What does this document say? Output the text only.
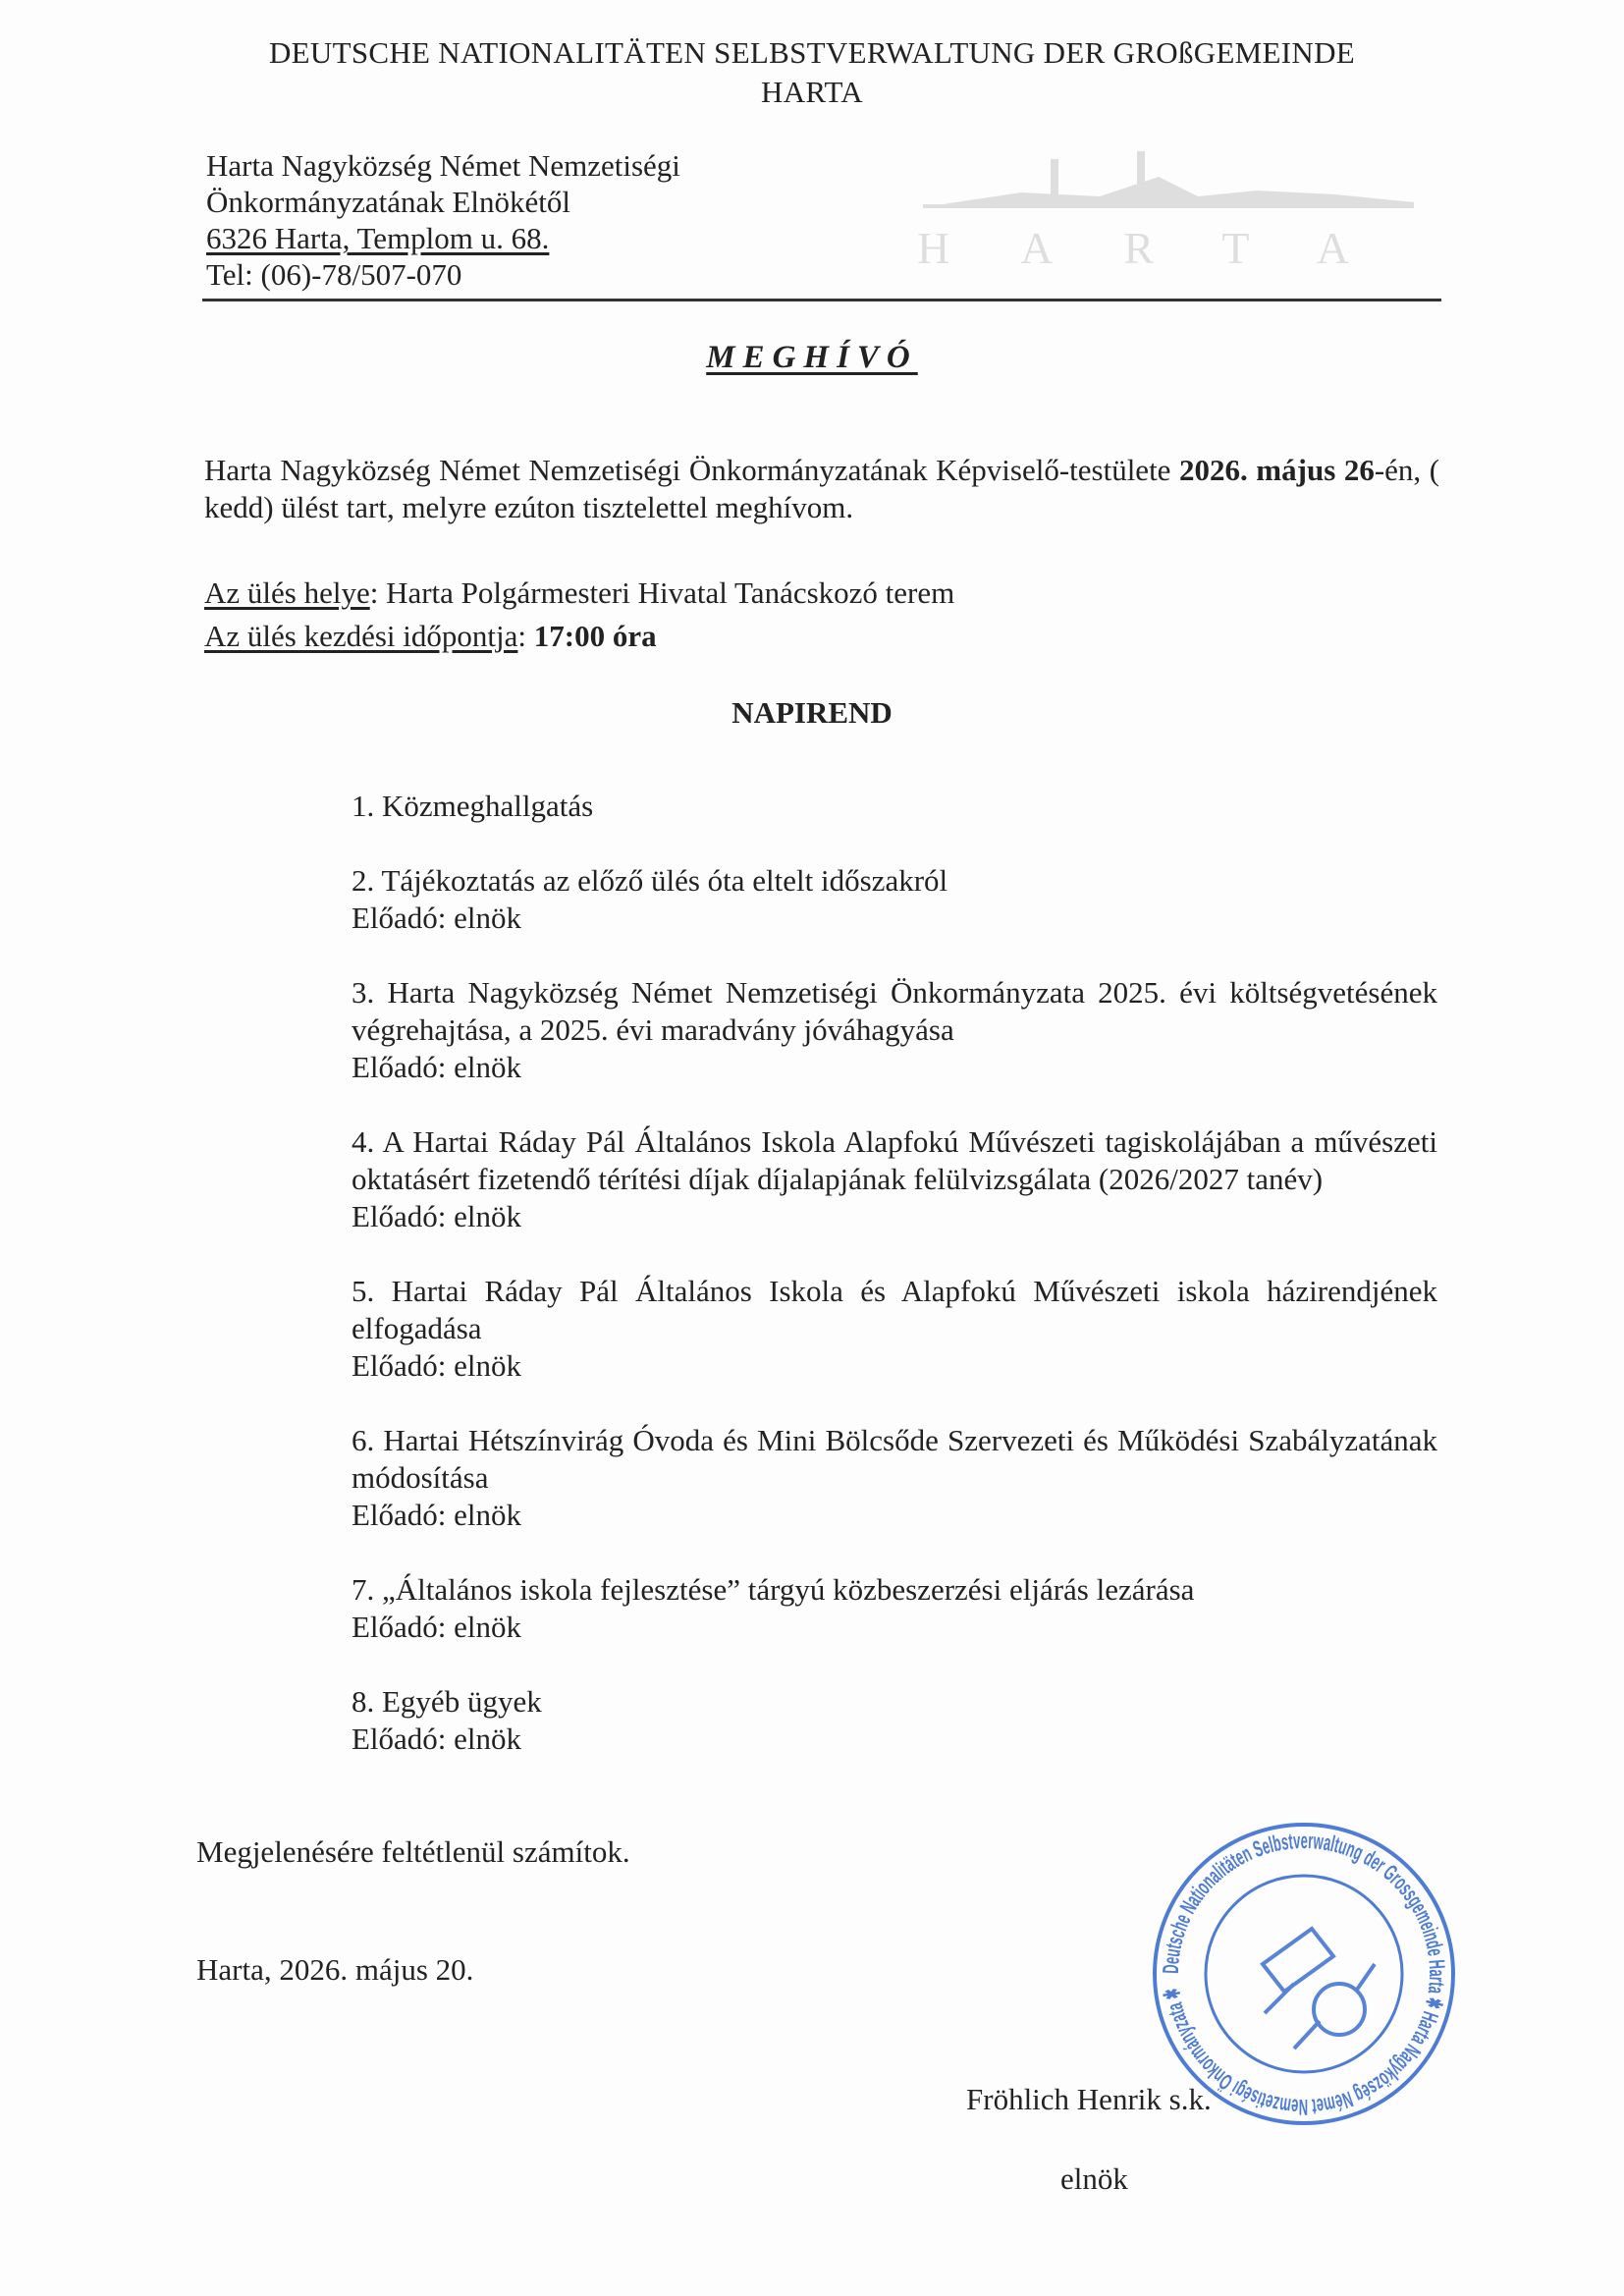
DEUTSCHE NATIONALITÄTEN SELBSTVERWALTUNG DER GROßGEMEINDE
HARTA
HARTA
Harta Nagyközség Német Nemzetiségi
Önkormányzatának Elnökétől
6326 Harta, Templom u. 68.
Tel: (06)-78/507-070
MEGHÍVÓ
Harta Nagyközség Német Nemzetiségi Önkormányzatának Képviselő-testülete 2026. május 26-én, ( kedd) ülést tart, melyre ezúton tisztelettel meghívom.
Az ülés helye: Harta Polgármesteri Hivatal Tanácskozó terem
Az ülés kezdési időpontja: 17:00 óra
NAPIREND
1. Közmeghallgatás
2. Tájékoztatás az előző ülés óta eltelt időszakról
Előadó: elnök
3. Harta Nagyközség Német Nemzetiségi Önkormányzata 2025. évi költségvetésének végrehajtása, a 2025. évi maradvány jóváhagyása
Előadó: elnök
4. A Hartai Ráday Pál Általános Iskola Alapfokú Művészeti tagiskolájában a művészeti oktatásért fizetendő térítési díjak díjalapjának felülvizsgálata (2026/2027 tanév)
Előadó: elnök
5. Hartai Ráday Pál Általános Iskola és Alapfokú Művészeti iskola házirendjének elfogadása
Előadó: elnök
6. Hartai Hétszínvirág Óvoda és Mini Bölcsőde Szervezeti és Működési Szabályzatának módosítása
Előadó: elnök
7. „Általános iskola fejlesztése” tárgyú közbeszerzési eljárás lezárása
Előadó: elnök
8. Egyéb ügyek
Előadó: elnök
Megjelenésére feltétlenül számítok.
Harta, 2026. május 20.	Deutsche Nationalitäten Selbstverwaltung der Grossgemeinde Harta ✱ Harta Nagyközség Német Nemzetiségi Önkormányzata ✱
Fröhlich Henrik s.k.
elnök
